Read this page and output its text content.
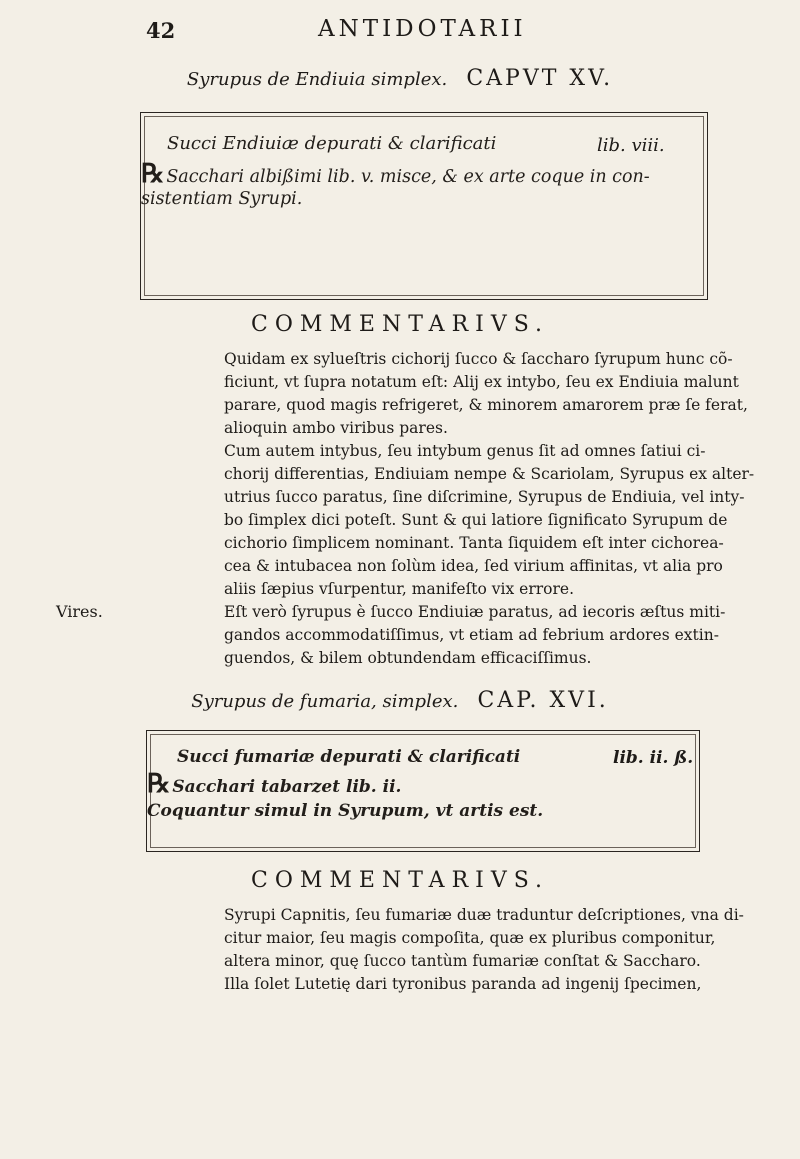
42	ANTIDOTARII
Syrupus de Endiuia simplex. CAPVT XV.
Succi Endiuiæ depurati & clarificati	lib. viii.
℞ Sacchari albißimi lib. v. misce, & ex arte coque in con-
sistentiam Syrupi.
COMMENTARIVS.
Quidam ex sylueſtris cichorij ſucco & ſaccharo ſyrupum hunc cõ-
ficiunt, vt ſupra notatum eſt: Alij ex intybo, ſeu ex Endiuia malunt
parare, quod magis refrigeret, & minorem amarorem præ ſe ferat,
alioquin ambo viribus pares.
Cum autem intybus, ſeu intybum genus ſit ad omnes ſatiui ci-
chorij differentias, Endiuiam nempe & Scariolam, Syrupus ex alter-
utrius ſucco paratus, ſine diſcrimine, Syrupus de Endiuia, vel inty-
bo ſimplex dici poteſt. Sunt & qui latiore ſignificato Syrupum de
cichorio ſimplicem nominant. Tanta ſiquidem eſt inter cichorea-
cea & intubacea non ſolùm idea, ſed virium affinitas, vt alia pro
aliis ſæpius vſurpentur, manifeſto vix errore.
Vires.	Eſt verò ſyrupus è ſucco Endiuiæ paratus, ad iecoris æſtus miti-
gandos accommodatiſſimus, vt etiam ad febrium ardores extin-
guendos, & bilem obtundendam efficaciſſimus.
Syrupus de fumaria, simplex. CAP. XVI.
Succi fumariæ depurati & clarificati	lib. ii. ß.
℞ Sacchari tabarzet lib. ii.
Coquantur simul in Syrupum, vt artis est.
COMMENTARIVS.
Syrupi Capnitis, ſeu fumariæ duæ traduntur deſcriptiones, vna di-
citur maior, ſeu magis compoſita, quæ ex pluribus componitur,
altera minor, quę ſucco tantùm fumariæ conſtat & Saccharo.
Illa ſolet Lutetię dari tyronibus paranda ad ingenij ſpecimen,
